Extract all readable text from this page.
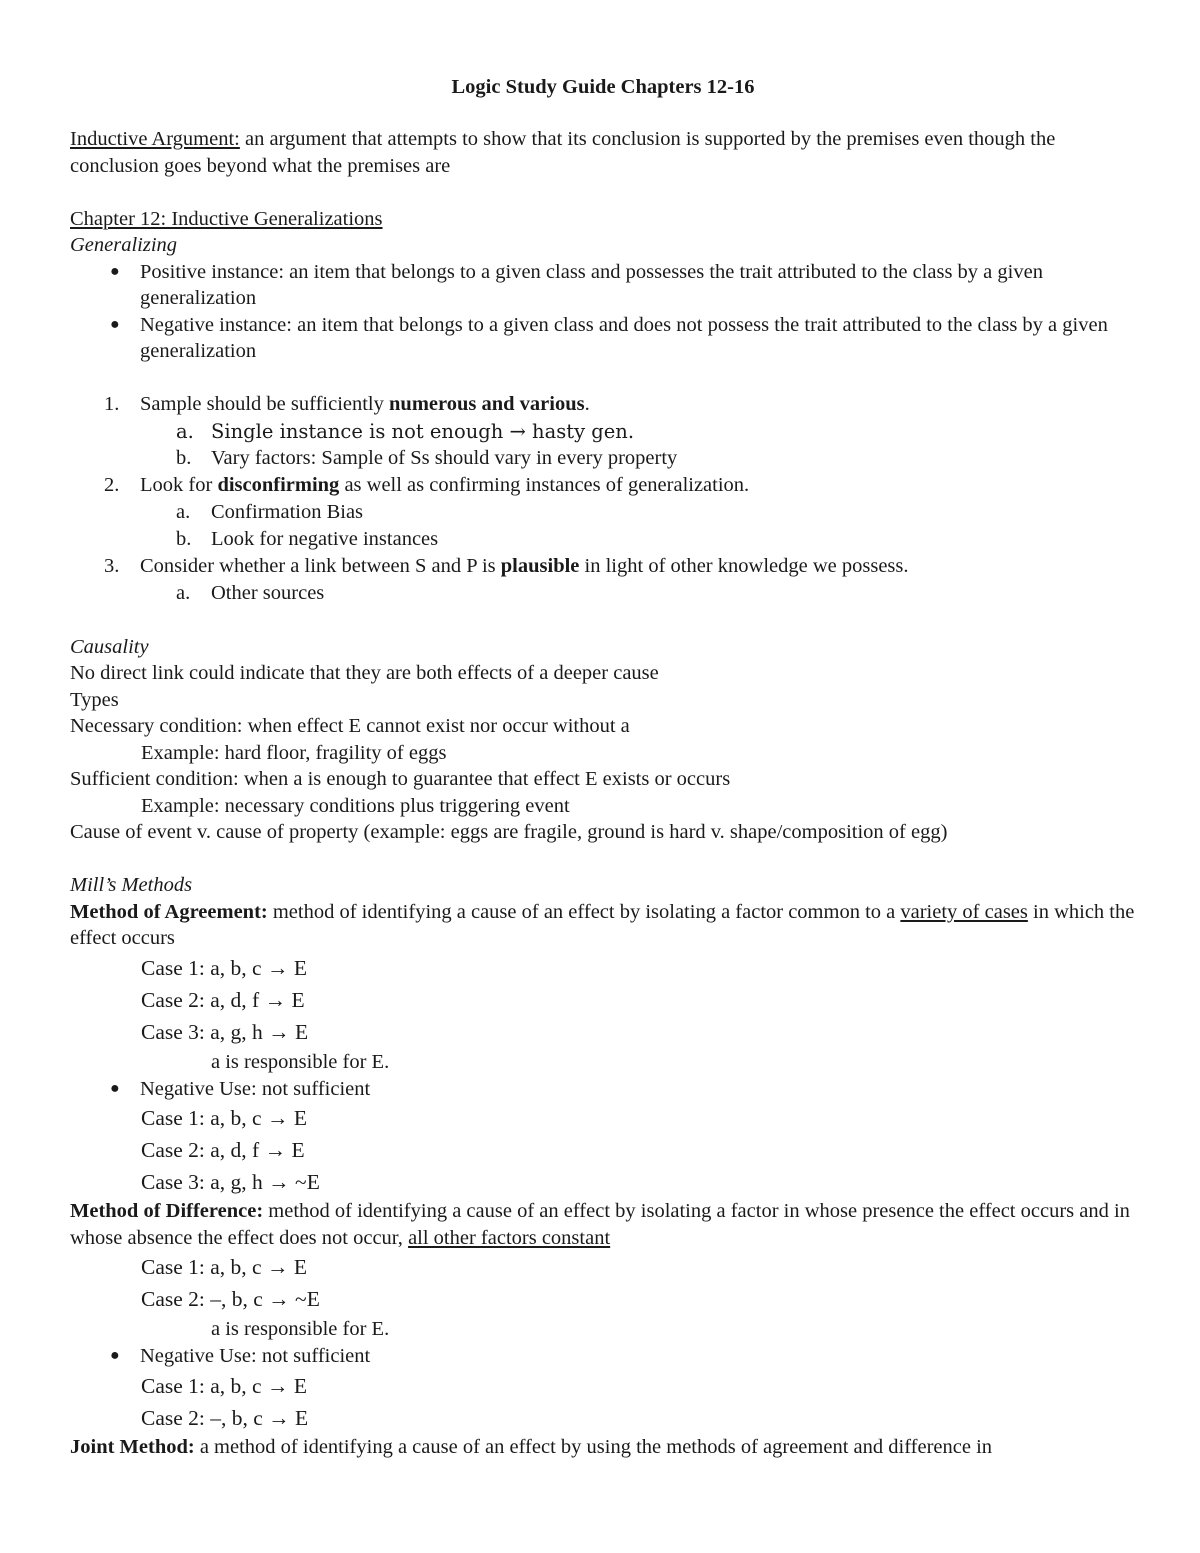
Logic Study Guide Chapters 12-16

Inductive Argument: an argument that attempts to show that its conclusion is supported by the premises even though the conclusion goes beyond what the premises are

Chapter 12: Inductive Generalizations

Generalizing

● Positive instance: an item that belongs to a given class and possesses the trait attributed to the class by a given generalization
● Negative instance: an item that belongs to a given class and does not possess the trait attributed to the class by a given generalization
1. Sample should be sufficiently numerous and various.
a. Single instance is not enough → hasty gen.
b. Vary factors: Sample of Ss should vary in every property
2. Look for disconfirming as well as confirming instances of generalization.
a. Confirmation Bias
b. Look for negative instances
3. Consider whether a link between S and P is plausible in light of other knowledge we possess.
a. Other sources

Causality

No direct link could indicate that they are both effects of a deeper cause

Types

Necessary condition: when effect E cannot exist nor occur without a

Example: hard floor, fragility of eggs

Sufficient condition: when a is enough to guarantee that effect E exists or occurs

Example: necessary conditions plus triggering event

Cause of event v. cause of property (example: eggs are fragile, ground is hard v. shape/composition of egg)

Mill’s Methods

Method of Agreement: method of identifying a cause of an effect by isolating a factor common to a variety of cases in which the effect occurs

Case 1: a, b, c → E
Case 2: a, d, f → E
Case 3: a, g, h → E
a is responsible for E.
● Negative Use: not sufficient
Case 1: a, b, c → E
Case 2: a, d, f → E
Case 3: a, g, h → ~E

Method of Difference: method of identifying a cause of an effect by isolating a factor in whose presence the effect occurs and in whose absence the effect does not occur, all other factors constant

Case 1: a, b, c → E
Case 2: –, b, c → ~E
a is responsible for E.
● Negative Use: not sufficient
Case 1: a, b, c → E
Case 2: –, b, c → E

Joint Method: a method of identifying a cause of an effect by using the methods of agreement and difference in
